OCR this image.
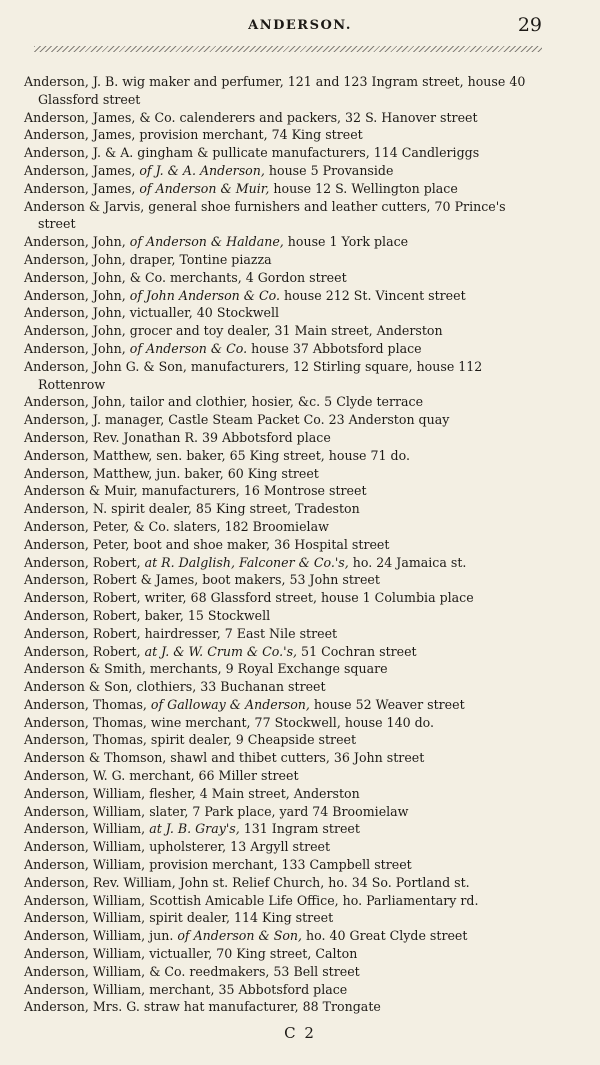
ANDERSON.	29

Anderson, J. B. wig maker and perfumer, 121 and 123 Ingram street, house 40 Glassford street

Anderson, James, & Co. calenderers and packers, 32 S. Hanover street

Anderson, James, provision merchant, 74 King street

Anderson, J. & A. gingham & pullicate manufacturers, 114 Candleriggs

Anderson, James, of J. & A. Anderson, house 5 Provanside

Anderson, James, of Anderson & Muir, house 12 S. Wellington place

Anderson & Jarvis, general shoe furnishers and leather cutters, 70 Prince's street

Anderson, John, of Anderson & Haldane, house 1 York place

Anderson, John, draper, Tontine piazza

Anderson, John, & Co. merchants, 4 Gordon street

Anderson, John, of John Anderson & Co. house 212 St. Vincent street

Anderson, John, victualler, 40 Stockwell

Anderson, John, grocer and toy dealer, 31 Main street, Anderston

Anderson, John, of Anderson & Co. house 37 Abbotsford place

Anderson, John G. & Son, manufacturers, 12 Stirling square, house 112 Rottenrow

Anderson, John, tailor and clothier, hosier, &c. 5 Clyde terrace

Anderson, J. manager, Castle Steam Packet Co. 23 Anderston quay

Anderson, Rev. Jonathan R. 39 Abbotsford place

Anderson, Matthew, sen. baker, 65 King street, house 71 do.

Anderson, Matthew, jun. baker, 60 King street

Anderson & Muir, manufacturers, 16 Montrose street

Anderson, N. spirit dealer, 85 King street, Tradeston

Anderson, Peter, & Co. slaters, 182 Broomielaw

Anderson, Peter, boot and shoe maker, 36 Hospital street

Anderson, Robert, at R. Dalglish, Falconer & Co.'s, ho. 24 Jamaica st.

Anderson, Robert & James, boot makers, 53 John street

Anderson, Robert, writer, 68 Glassford street, house 1 Columbia place

Anderson, Robert, baker, 15 Stockwell

Anderson, Robert, hairdresser, 7 East Nile street

Anderson, Robert, at J. & W. Crum & Co.'s, 51 Cochran street

Anderson & Smith, merchants, 9 Royal Exchange square

Anderson & Son, clothiers, 33 Buchanan street

Anderson, Thomas, of Galloway & Anderson, house 52 Weaver street

Anderson, Thomas, wine merchant, 77 Stockwell, house 140 do.

Anderson, Thomas, spirit dealer, 9 Cheapside street

Anderson & Thomson, shawl and thibet cutters, 36 John street

Anderson, W. G. merchant, 66 Miller street

Anderson, William, flesher, 4 Main street, Anderston

Anderson, William, slater, 7 Park place, yard 74 Broomielaw

Anderson, William, at J. B. Gray's, 131 Ingram street

Anderson, William, upholsterer, 13 Argyll street

Anderson, William, provision merchant, 133 Campbell street

Anderson, Rev. William, John st. Relief Church, ho. 34 So. Portland st.

Anderson, William, Scottish Amicable Life Office, ho. Parliamentary rd.

Anderson, William, spirit dealer, 114 King street

Anderson, William, jun. of Anderson & Son, ho. 40 Great Clyde street

Anderson, William, victualler, 70 King street, Calton

Anderson, William, & Co. reedmakers, 53 Bell street

Anderson, William, merchant, 35 Abbotsford place

Anderson, Mrs. G. straw hat manufacturer, 88 Trongate

C 2
